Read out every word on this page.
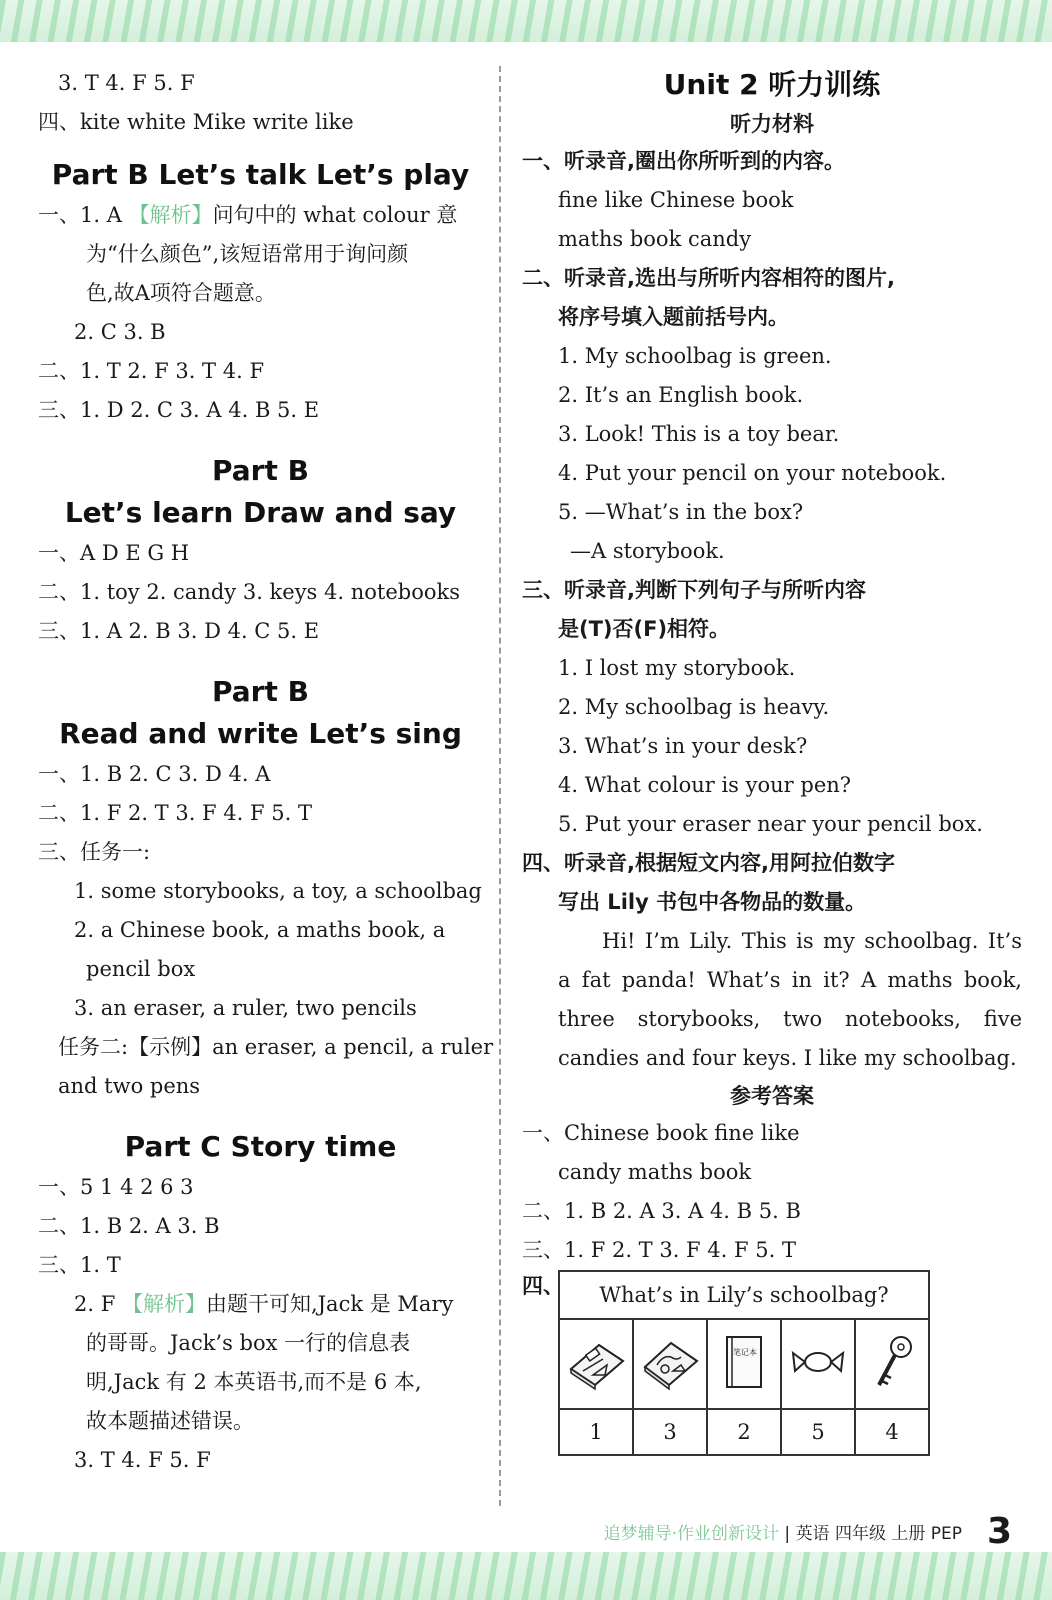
3. T 4. F 5. F
四、kite white Mike write like
Part B Let’s talk Let’s play
一、1. A 【解析】问句中的 what colour 意
为“什么颜色”,该短语常用于询问颜
色,故A项符合题意。
2. C 3. B
二、1. T 2. F 3. T 4. F
三、1. D 2. C 3. A 4. B 5. E
Part B
Let’s learn Draw and say
一、A D E G H
二、1. toy 2. candy 3. keys 4. notebooks
三、1. A 2. B 3. D 4. C 5. E
Part B
Read and write Let’s sing
一、1. B 2. C 3. D 4. A
二、1. F 2. T 3. F 4. F 5. T
三、任务一:
1. some storybooks, a toy, a schoolbag
2. a Chinese book, a maths book, a
pencil box
3. an eraser, a ruler, two pencils
任务二:【示例】an eraser, a pencil, a ruler
and two pens
Part C Story time
一、5 1 4 2 6 3
二、1. B 2. A 3. B
三、1. T
2. F 【解析】由题干可知,Jack 是 Mary
的哥哥。Jack’s box 一行的信息表
明,Jack 有 2 本英语书,而不是 6 本,
故本题描述错误。
3. T 4. F 5. F
Unit 2 听力训练
听力材料
一、听录音,圈出你所听到的内容。
fine like Chinese book
maths book candy
二、听录音,选出与所听内容相符的图片,
将序号填入题前括号内。
1. My schoolbag is green.
2. It’s an English book.
3. Look! This is a toy bear.
4. Put your pencil on your notebook.
5. —What’s in the box?
—A storybook.
三、听录音,判断下列句子与所听内容
是(T)否(F)相符。
1. I lost my storybook.
2. My schoolbag is heavy.
3. What’s in your desk?
4. What colour is your pen?
5. Put your eraser near your pencil box.
四、听录音,根据短文内容,用阿拉伯数字
写出 Lily 书包中各物品的数量。
Hi! I’m Lily. This is my schoolbag. It’s a fat panda! What’s in it? A maths book, three storybooks, two notebooks, five candies and four keys. I like my schoolbag.
参考答案
一、Chinese book fine like
candy maths book
二、1. B 2. A 3. A 4. B 5. B
三、1. F 2. T 3. F 4. F 5. T
四、 What’s in Lily’s schoolbag?				

笔记本

1	3	2	5	4
追梦辅导·作业创新设计 | 英语 四年级 上册 PEP 3
